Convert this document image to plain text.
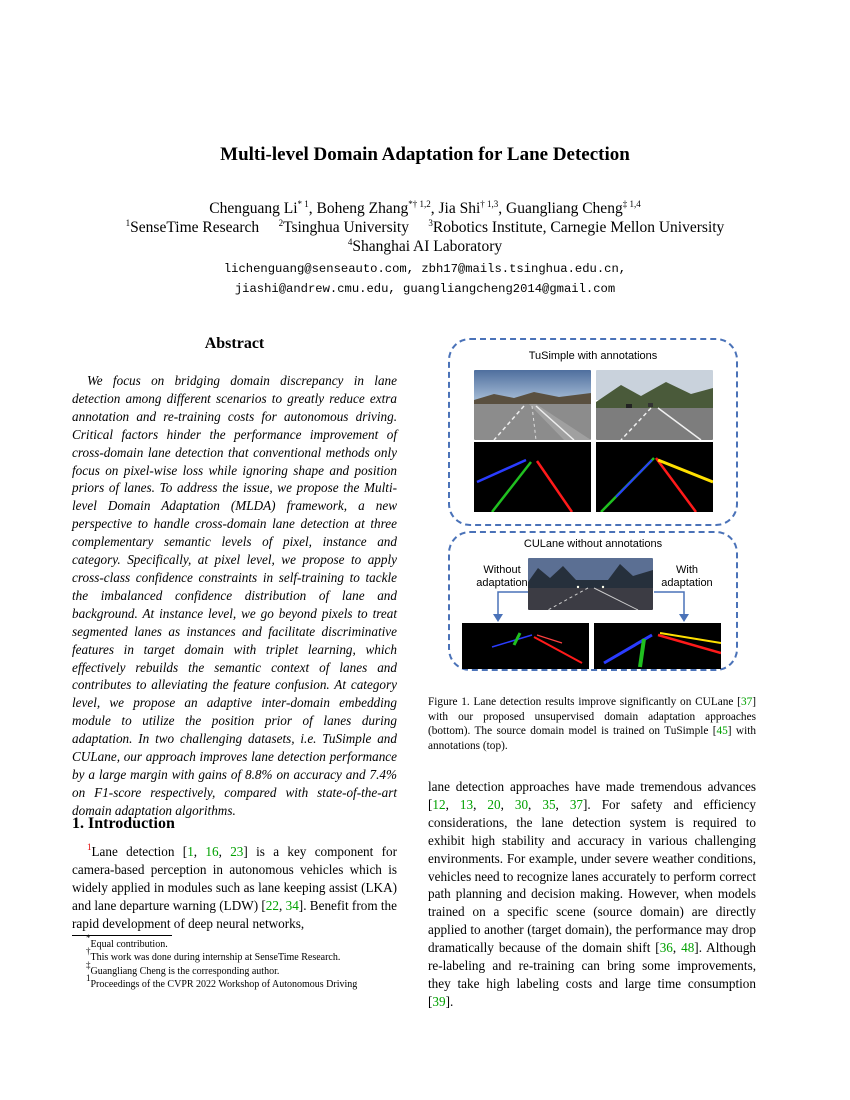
Multi-level Domain Adaptation for Lane Detection
Chenguang Li$^{* 1}$, Boheng Zhang$^{*\dagger 1,2}$, Jia Shi$^{\dagger 1,3}$, Guangliang Cheng$^{\ddagger 1,4}$
$^1$SenseTime Research $^2$Tsinghua University $^3$Robotics Institute, Carnegie Mellon University
$^4$Shanghai AI Laboratory
lichenguang@senseauto.com, zbh17@mails.tsinghua.edu.cn,
jiashi@andrew.cmu.edu, guangliangcheng2014@gmail.com
Abstract

We focus on bridging domain discrepancy in lane detection among different scenarios to greatly reduce extra annotation and re-training costs for autonomous driving. Critical factors hinder the performance improvement of cross-domain lane detection that conventional methods only focus on pixel-wise loss while ignoring shape and position priors of lanes. To address the issue, we propose the Multi-level Domain Adaptation (MLDA) framework, a new perspective to handle cross-domain lane detection at three complementary semantic levels of pixel, instance and category. Specifically, at pixel level, we propose to apply cross-class confidence constraints in self-training to tackle the imbalanced confidence distribution of lane and background. At instance level, we go beyond pixels to treat segmented lanes as instances and facilitate discriminative features in target domain with triplet learning, which effectively rebuilds the semantic context of lanes and contributes to alleviating the feature confusion. At category level, we propose an adaptive inter-domain embedding module to utilize the position prior of lanes during adaptation. In two challenging datasets, i.e. TuSimple and CULane, our approach improves lane detection performance by a large margin with gains of 8.8% on accuracy and 7.4% on F1-score respectively, compared with state-of-the-art domain adaptation algorithms.

1. Introduction

$^1$Lane detection [1, 16, 23] is a key component for camera-based perception in autonomous vehicles which is widely applied in modules such as lane keeping assist (LKA) and lane departure warning (LDW) [22, 34]. Benefit from the rapid development of deep neural networks,

*Equal contribution.
†This work was done during internship at SenseTime Research.
‡Guangliang Cheng is the corresponding author.
$^1$Proceedings of the CVPR 2022 Workshop of Autonomous Driving
TuSimple with annotations
CULane without annotations
Without
adaptation
With
adaptation
Figure 1. Lane detection results improve significantly on CULane [37] with our proposed unsupervised domain adaptation approaches (bottom). The source domain model is trained on TuSimple [45] with annotations (top).

lane detection approaches have made tremendous advances [12, 13, 20, 30, 35, 37]. For safety and efficiency considerations, the lane detection system is required to exhibit high stability and accuracy in various challenging environments. For example, under severe weather conditions, vehicles need to recognize lanes accurately to perform correct path planning and decision making. However, when models trained on a specific scene (source domain) are directly applied to another (target domain), the performance may drop dramatically because of the domain shift [36, 48]. Although re-labeling and re-training can bring some improvements, they take high labeling costs and large time consumption [39].
